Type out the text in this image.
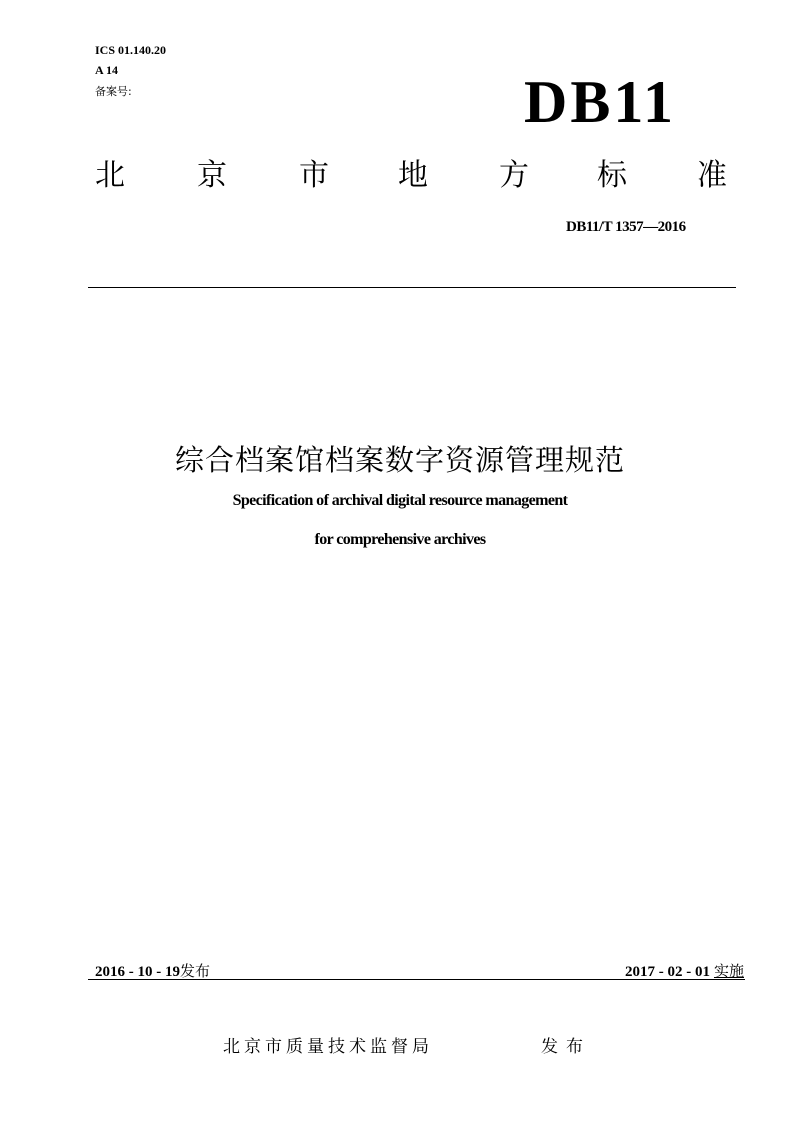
ICS 01.140.20
A 14
备案号:	DB11
北 京 市 地 方 标 准
DB11/T 1357—2016
综合档案馆档案数字资源管理规范
Specification of archival digital resource management
for comprehensive archives
2016 - 10 - 19发布	2017 - 02 - 01 实施
北京市质量技术监督局	发布
